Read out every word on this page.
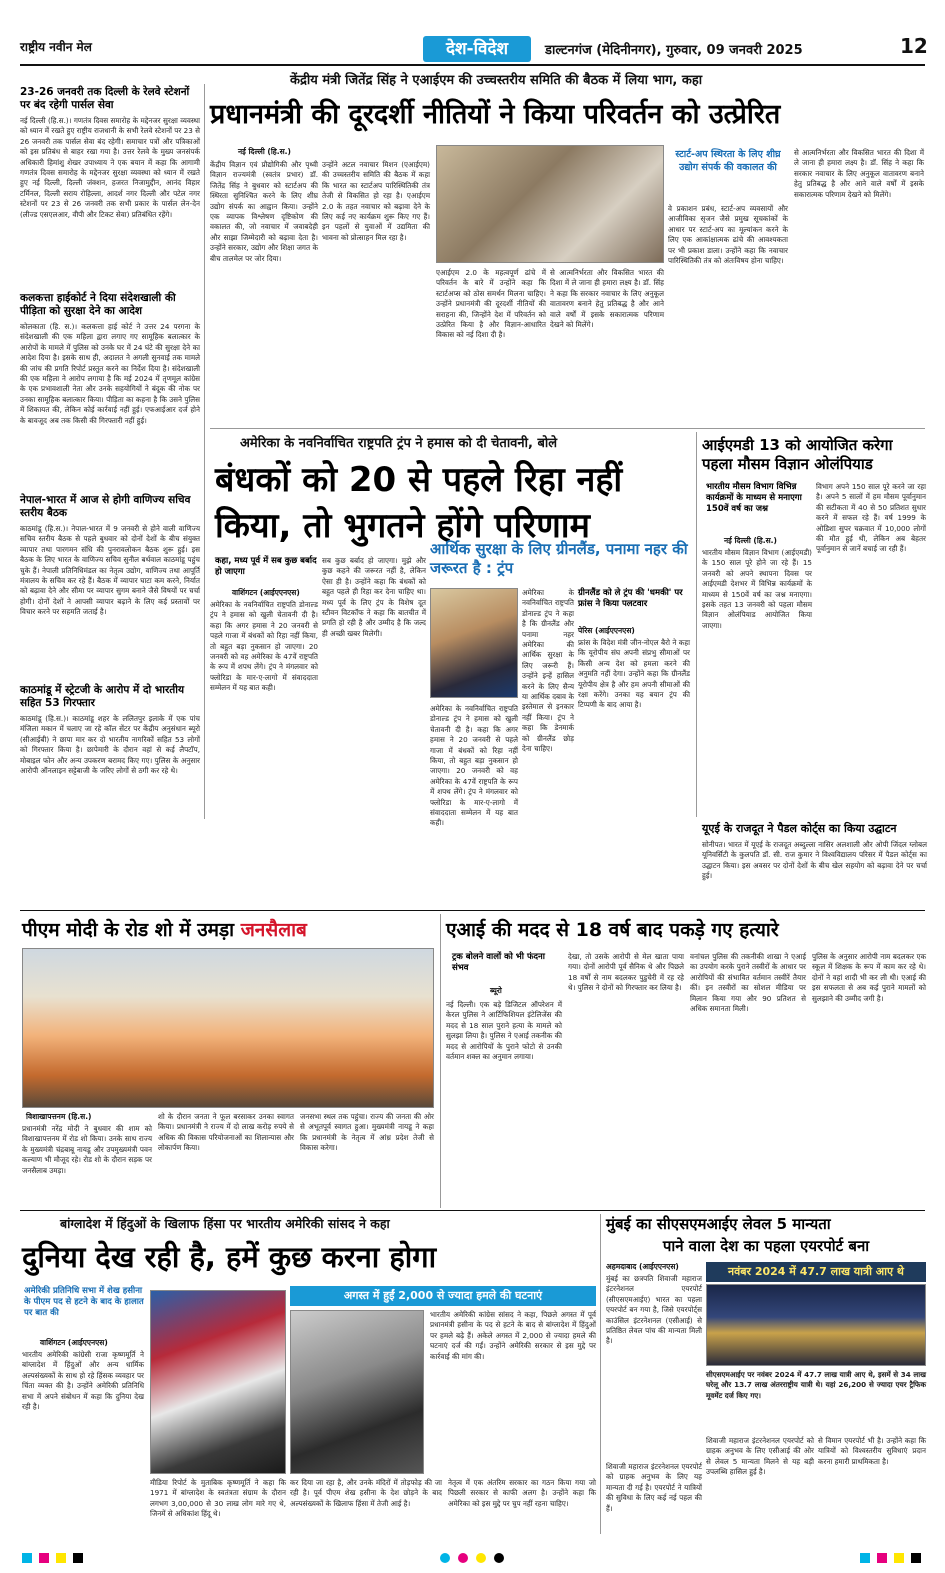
राष्ट्रीय नवीन मेल	देश-विदेश	डाल्टनगंज (मेदिनीनगर), गुरुवार, 09 जनवरी 2025	12
23-26 जनवरी तक दिल्ली के रेलवे स्टेशनों पर बंद रहेगी पार्सल सेवा
नई दिल्ली (हि.स.)। गणतंत्र दिवस समारोह के मद्देनजर सुरक्षा व्यवस्था को ध्यान में रखते हुए राष्ट्रीय राजधानी के सभी रेलवे स्टेशनों पर 23 से 26 जनवरी तक पार्सल सेवा बंद रहेगी। समाचार पत्रों और पत्रिकाओं को इस प्रतिबंध से बाहर रखा गया है। उत्तर रेलवे के मुख्य जनसंपर्क अधिकारी हिमांशु शेखर उपाध्याय ने एक बयान में कहा कि आगामी गणतंत्र दिवस समारोह के मद्देनजर सुरक्षा व्यवस्था को ध्यान में रखते हुए नई दिल्ली, दिल्ली जंक्शन, हजरत निजामुद्दीन, आनंद विहार टर्मिनल, दिल्ली सराय रोहिल्ला, आदर्श नगर दिल्ली और पटेल नगर स्टेशनों पर 23 से 26 जनवरी तक सभी प्रकार के पार्सल लेन-देन (लीज्ड एसएलआर, वीपी और टिकट सेवा) प्रतिबंधित रहेंगे।
कलकत्ता हाईकोर्ट ने दिया संदेशखाली की पीड़िता को सुरक्षा देने का आदेश
कोलकाता (हि. स.)। कलकत्ता हाई कोर्ट ने उत्तर 24 परगना के संदेशखाली की एक महिला द्वारा लगाए गए सामूहिक बलात्कार के आरोपों के मामले में पुलिस को उनके घर में 24 घंटे की सुरक्षा देने का आदेश दिया है। इसके साथ ही, अदालत ने अगली सुनवाई तक मामले की जांच की प्रगति रिपोर्ट प्रस्तुत करने का निर्देश दिया है। संदेशखाली की एक महिला ने आरोप लगाया है कि मई 2024 में तृणमूल कांग्रेस के एक प्रभावशाली नेता और उनके सहयोगियों ने बंदूक की नोक पर उनका सामूहिक बलात्कार किया। पीड़िता का कहना है कि उसने पुलिस में शिकायत की, लेकिन कोई कार्रवाई नहीं हुई। एफआईआर दर्ज होने के बावजूद अब तक किसी की गिरफ्तारी नहीं हुई।
नेपाल-भारत में आज से होगी वाणिज्य सचिव स्तरीय बैठक
काठमांडू (हि.स.)। नेपाल-भारत में 9 जनवरी से होने वाली वाणिज्य सचिव स्तरीय बैठक से पहले बुधवार को दोनों देशों के बीच संयुक्त व्यापार तथा पारगमन संधि की पुनरावलोकन बैठक शुरू हुई। इस बैठक के लिए भारत के वाणिज्य सचिव सुनील बर्थवाल काठमांडू पहुंच चुके हैं। नेपाली प्रतिनिधिमंडल का नेतृत्व उद्योग, वाणिज्य तथा आपूर्ति मंत्रालय के सचिव कर रहे हैं। बैठक में व्यापार घाटा कम करने, निर्यात को बढ़ावा देने और सीमा पर व्यापार सुगम बनाने जैसे विषयों पर चर्चा होगी। दोनों देशों ने आपसी व्यापार बढ़ाने के लिए कई प्रस्तावों पर विचार करने पर सहमति जताई है।
काठमांडू में स्ट्रेटजी के आरोप में दो भारतीय सहित 53 गिरफ्तार
काठमांडू (हि.स.)। काठमांडू शहर के ललितपुर इलाके में एक पांच मंजिला मकान में चलाए जा रहे कॉल सेंटर पर केंद्रीय अनुसंधान ब्यूरो (सीआईबी) ने छापा मार कर दो भारतीय नागरिकों सहित 53 लोगों को गिरफ्तार किया है। छापेमारी के दौरान वहां से कई लैपटॉप, मोबाइल फोन और अन्य उपकरण बरामद किए गए। पुलिस के अनुसार आरोपी ऑनलाइन सट्टेबाजी के जरिए लोगों से ठगी कर रहे थे।
केंद्रीय मंत्री जितेंद्र सिंह ने एआईएम की उच्चस्तरीय समिति की बैठक में लिया भाग, कहा
प्रधानमंत्री की दूरदर्शी नीतियों ने किया परिवर्तन को उत्प्रेरित
नई दिल्ली (हि.स.)
केंद्रीय विज्ञान एवं प्रौद्योगिकी और पृथ्वी विज्ञान राज्यमंत्री (स्वतंत्र प्रभार) डॉ. जितेंद्र सिंह ने बुधवार को स्टार्टअप की स्थिरता सुनिश्चित करने के लिए शीघ्र उद्योग संपर्क का आह्वान किया। उन्होंने एक व्यापक विश्लेषण दृष्टिकोण की वकालत की, जो नवाचार में जवाबदेही और साझा जिम्मेदारी को बढ़ावा देता है। उन्होंने सरकार, उद्योग और शिक्षा जगत के बीच तालमेल पर जोर दिया।
उन्होंने अटल नवाचार मिशन (एआईएम) की उच्चस्तरीय समिति की बैठक में कहा कि भारत का स्टार्टअप पारिस्थितिकी तंत्र तेजी से विकसित हो रहा है। एआईएम 2.0 के तहत नवाचार को बढ़ावा देने के लिए कई नए कार्यक्रम शुरू किए गए हैं। इन पहलों से युवाओं में उद्यमिता की भावना को प्रोत्साहन मिल रहा है।
एआईएम 2.0 के महत्वपूर्ण ढांचे में परिवर्तन के बारे में उन्होंने कहा कि स्टार्टअप्स को ठोस समर्थन मिलना चाहिए। उन्होंने प्रधानमंत्री की दूरदर्शी नीतियों की सराहना की, जिन्होंने देश में परिवर्तन को उत्प्रेरित किया है और विज्ञान-आधारित विकास को नई दिशा दी है।
से आत्मनिर्भरता और विकसित भारत की दिशा में ले जाना ही हमारा लक्ष्य है। डॉ. सिंह ने कहा कि सरकार नवाचार के लिए अनुकूल वातावरण बनाने हेतु प्रतिबद्ध है और आने वाले वर्षों में इसके सकारात्मक परिणाम देखने को मिलेंगे।
स्टार्ट-अप स्थिरता के लिए शीघ्र उद्योग संपर्क की वकालत की
वे प्रकाशन प्रबंध, स्टार्ट-अप व्यवसायों और आजीविका सृजन जैसे प्रमुख सूचकांकों के आधार पर स्टार्ट-अप का मूल्यांकन करने के लिए एक आकांक्षात्मक ढांचे की आवश्यकता पर भी प्रकाश डाला। उन्होंने कहा कि नवाचार पारिस्थितिकी तंत्र को अंतःविषय होना चाहिए।
से आत्मनिर्भरता और विकसित भारत की दिशा में ले जाना ही हमारा लक्ष्य है। डॉ. सिंह ने कहा कि सरकार नवाचार के लिए अनुकूल वातावरण बनाने हेतु प्रतिबद्ध है और आने वाले वर्षों में इसके सकारात्मक परिणाम देखने को मिलेंगे।
अमेरिका के नवनिर्वाचित राष्ट्रपति ट्रंप ने हमास को दी चेतावनी, बोले
बंधकों को 20 से पहले रिहा नहीं
किया, तो भुगतने होंगे परिणाम
कहा, मध्य पूर्व में सब कुछ बर्बाद हो जाएगा
वाशिंगटन (आईएएनएस)
अमेरिका के नवनिर्वाचित राष्ट्रपति डोनाल्ड ट्रंप ने हमास को खुली चेतावनी दी है। कहा कि अगर हमास ने 20 जनवरी से पहले गाजा में बंधकों को रिहा नहीं किया, तो बहुत बड़ा नुकसान हो जाएगा। 20 जनवरी को वह अमेरिका के 47वें राष्ट्रपति के रूप में शपथ लेंगे। ट्रंप ने मंगलवार को फ्लोरिडा के मार-ए-लागो में संवाददाता सम्मेलन में यह बात कही।
सब कुछ बर्बाद हो जाएगा। मुझे और कुछ कहने की जरूरत नहीं है, लेकिन ऐसा ही है। उन्होंने कहा कि बंधकों को बहुत पहले ही रिहा कर देना चाहिए था। मध्य पूर्व के लिए ट्रंप के विशेष दूत स्टीवन विटकॉफ ने कहा कि बातचीत में प्रगति हो रही है और उम्मीद है कि जल्द ही अच्छी खबर मिलेगी।
आर्थिक सुरक्षा के लिए ग्रीनलैंड, पनामा नहर की जरूरत है : ट्रंप
अमेरिका के नवनिर्वाचित राष्ट्रपति डोनाल्ड ट्रंप ने कहा है कि ग्रीनलैंड और पनामा नहर अमेरिका की आर्थिक सुरक्षा के लिए जरूरी हैं। उन्होंने इन्हें हासिल करने के लिए सैन्य या आर्थिक दबाव के इस्तेमाल से इनकार नहीं किया। ट्रंप ने कहा कि डेनमार्क को ग्रीनलैंड छोड़ देना चाहिए।
ग्रीनलैंड को ले ट्रंप की 'धमकी' पर फ्रांस ने किया पलटवार
पेरिस (आईएएनएस)
फ्रांस के विदेश मंत्री जीन-नोएल बैरो ने कहा कि यूरोपीय संघ अपनी संप्रभु सीमाओं पर किसी अन्य देश को हमला करने की अनुमति नहीं देगा। उन्होंने कहा कि ग्रीनलैंड यूरोपीय क्षेत्र है और हम अपनी सीमाओं की रक्षा करेंगे। उनका यह बयान ट्रंप की टिप्पणी के बाद आया है।
अमेरिका के नवनिर्वाचित राष्ट्रपति डोनाल्ड ट्रंप ने हमास को खुली चेतावनी दी है। कहा कि अगर हमास ने 20 जनवरी से पहले गाजा में बंधकों को रिहा नहीं किया, तो बहुत बड़ा नुकसान हो जाएगा। 20 जनवरी को वह अमेरिका के 47वें राष्ट्रपति के रूप में शपथ लेंगे। ट्रंप ने मंगलवार को फ्लोरिडा के मार-ए-लागो में संवाददाता सम्मेलन में यह बात कही।
आईएमडी 13 को आयोजित करेगा पहला मौसम विज्ञान ओलंपियाड
भारतीय मौसम विभाग विभिन्न कार्यक्रमों के माध्यम से मनाएगा 150वें वर्ष का जश्न
नई दिल्ली (हि.स.)
भारतीय मौसम विज्ञान विभाग (आईएमडी) के 150 साल पूरे होने जा रहे हैं। 15 जनवरी को अपने स्थापना दिवस पर आईएमडी देशभर में विभिन्न कार्यक्रमों के माध्यम से 150वें वर्ष का जश्न मनाएगा। इसके तहत 13 जनवरी को पहला मौसम विज्ञान ओलंपियाड आयोजित किया जाएगा।
विभाग अपने 150 साल पूरे करने जा रहा है। अपने 5 सालों में हम मौसम पूर्वानुमान की सटीकता में 40 से 50 प्रतिशत सुधार करने में सफल रहे हैं। वर्ष 1999 के ओडिशा सुपर चक्रवात में 10,000 लोगों की मौत हुई थी, लेकिन अब बेहतर पूर्वानुमान से जानें बचाई जा रही हैं।
यूएई के राजदूत ने पैडल कोर्ट्स का किया उद्घाटन
सोनीपत। भारत में यूएई के राजदूत अब्दुल्ला नासिर अलशाली और ओपी जिंदल ग्लोबल यूनिवर्सिटी के कुलपति डॉ. सी. राज कुमार ने विश्वविद्यालय परिसर में पैडल कोर्ट्स का उद्घाटन किया। इस अवसर पर दोनों देशों के बीच खेल सहयोग को बढ़ावा देने पर चर्चा हुई।
पीएम मोदी के रोड शो में उमड़ा जनसैलाब
विशाखापत्तनम (हि.स.)
प्रधानमंत्री नरेंद्र मोदी ने बुधवार की शाम को विशाखापत्तनम में रोड शो किया। उनके साथ राज्य के मुख्यमंत्री चंद्रबाबू नायडू और उपमुख्यमंत्री पवन कल्याण भी मौजूद रहे। रोड शो के दौरान सड़क पर जनसैलाब उमड़ा।
शो के दौरान जनता ने फूल बरसाकर उनका स्वागत किया। प्रधानमंत्री ने राज्य में दो लाख करोड़ रुपये से अधिक की विकास परियोजनाओं का शिलान्यास और लोकार्पण किया।
जनसभा स्थल तक पहुंचा। राज्य की जनता की ओर से अभूतपूर्व स्वागत हुआ। मुख्यमंत्री नायडू ने कहा कि प्रधानमंत्री के नेतृत्व में आंध्र प्रदेश तेजी से विकास करेगा।
एआई की मदद से 18 वर्ष बाद पकड़े गए हत्यारे
ट्रक बोलने वालों को भी फंदना संभव
ब्यूरो
नई दिल्ली। एक बड़े डिजिटल ऑपरेशन में केरल पुलिस ने आर्टिफिशियल इंटेलिजेंस की मदद से 18 साल पुराने हत्या के मामले को सुलझा लिया है। पुलिस ने एआई तकनीक की मदद से आरोपियों के पुराने फोटो से उनकी वर्तमान शक्ल का अनुमान लगाया।
देखा, तो उसके आरोपी से मेल खाता पाया गया। दोनों आरोपी पूर्व सैनिक थे और पिछले 18 वर्षों से नाम बदलकर पुडुचेरी में रह रहे थे। पुलिस ने दोनों को गिरफ्तार कर लिया है।
वनांचल पुलिस की तकनीकी शाखा ने एआई का उपयोग करके पुराने तस्वीरों के आधार पर आरोपियों की संभावित वर्तमान तस्वीरें तैयार कीं। इन तस्वीरों का सोशल मीडिया पर मिलान किया गया और 90 प्रतिशत से अधिक समानता मिली।
पुलिस के अनुसार आरोपी नाम बदलकर एक स्कूल में शिक्षक के रूप में काम कर रहे थे। दोनों ने वहां शादी भी कर ली थी। एआई की इस सफलता से अब कई पुराने मामलों को सुलझाने की उम्मीद जगी है।
बांग्लादेश में हिंदुओं के खिलाफ हिंसा पर भारतीय अमेरिकी सांसद ने कहा
दुनिया देख रही है, हमें कुछ करना होगा
अमेरिकी प्रतिनिधि सभा में शेख हसीना के पीएम पद से हटने के बाद के हालात पर बात की
वाशिंगटन (आईएएनएस)
भारतीय अमेरिकी कांग्रेसी राजा कृष्णमूर्ति ने बांग्लादेश में हिंदुओं और अन्य धार्मिक अल्पसंख्यकों के साथ हो रहे हिंसक व्यवहार पर चिंता व्यक्त की है। उन्होंने अमेरिकी प्रतिनिधि सभा में अपने संबोधन में कहा कि दुनिया देख रही है।
अगस्त में हुईं 2,000 से ज्यादा हमले की घटनाएं
भारतीय अमेरिकी कांग्रेस सांसद ने कहा, पिछले अगस्त में पूर्व प्रधानमंत्री हसीना के पद से हटने के बाद से बांग्लादेश में हिंदुओं पर हमले बढ़े हैं। अकेले अगस्त में 2,000 से ज्यादा हमले की घटनाएं दर्ज की गईं। उन्होंने अमेरिकी सरकार से इस मुद्दे पर कार्रवाई की मांग की।
मीडिया रिपोर्ट के मुताबिक कृष्णमूर्ति ने कहा कि 1971 में बांग्लादेश के स्वतंत्रता संग्राम के दौरान लगभग 3,00,000 से 30 लाख लोग मारे गए थे, जिनमें से अधिकांश हिंदू थे।
कर दिया जा रहा है, और उनके मंदिरों में तोड़फोड़ की जा रही है। पूर्व पीएम शेख हसीना के देश छोड़ने के बाद अल्पसंख्यकों के खिलाफ हिंसा में तेजी आई है।
नेतृत्व में एक अंतरिम सरकार का गठन किया गया जो पिछली सरकार से काफी अलग है। उन्होंने कहा कि अमेरिका को इस मुद्दे पर चुप नहीं रहना चाहिए।
मुंबई का सीएसएमआईए लेवल 5 मान्यता
पाने वाला देश का पहला एयरपोर्ट बना
अहमदाबाद (आईएएनएस)
मुंबई का छत्रपति शिवाजी महाराज इंटरनेशनल एयरपोर्ट (सीएसएमआईए) भारत का पहला एयरपोर्ट बन गया है, जिसे एयरपोर्ट्स काउंसिल इंटरनेशनल (एसीआई) से प्रतिष्ठित लेवल पांच की मान्यता मिली है।
शिवाजी महाराज इंटरनेशनल एयरपोर्ट को ग्राहक अनुभव के लिए यह मान्यता दी गई है। एयरपोर्ट ने यात्रियों की सुविधा के लिए कई नई पहल की हैं।
नवंबर 2024 में 47.7 लाख यात्री आए थे
सीएसएमआईए पर नवंबर 2024 में 47.7 लाख यात्री आए थे, इसमें से 34 लाख घरेलू और 13.7 लाख अंतरराष्ट्रीय यात्री थे। यहां 26,200 से ज्यादा एयर ट्रैफिक मूवमेंट दर्ज किए गए।
शिवाजी महाराज इंटरनेशनल एयरपोर्ट को ग्राहक अनुभव के लिए एसीआई की ओर से लेवल 5 मान्यता मिलने से यह बड़ी उपलब्धि हासिल हुई है।
से विमान एयरपोर्ट भी है। उन्होंने कहा कि यात्रियों को विश्वस्तरीय सुविधाएं प्रदान करना हमारी प्राथमिकता है।
